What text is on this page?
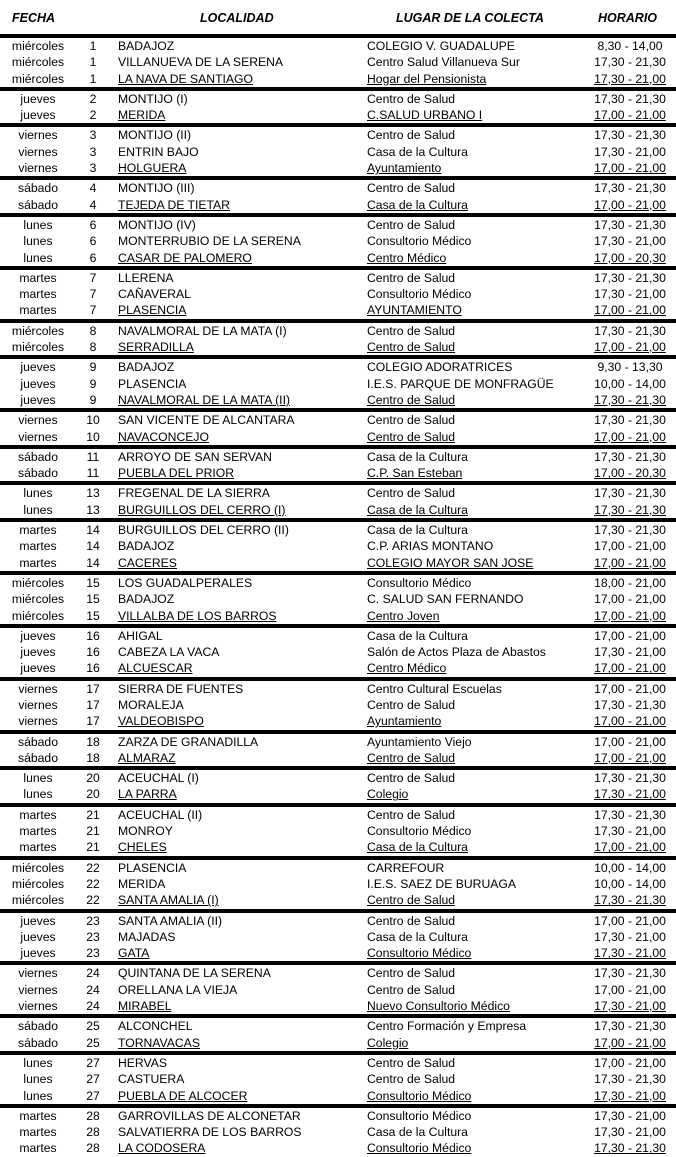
FECHA	LOCALIDAD	LUGAR DE LA COLECTA	HORARIO
miércoles	1	BADAJOZ	COLEGIO V. GUADALUPE	8,30 - 14,00
miércoles	1	VILLANUEVA DE LA SERENA	Centro Salud Villanueva Sur	17,30 - 21,30
miércoles	1	LA NAVA DE SANTIAGO	Hogar del Pensionista	17,30 - 21,00
jueves	2	MONTIJO (I)	Centro de Salud	17,30 - 21,30
jueves	2	MERIDA	C.SALUD URBANO I	17,00 - 21,00
viernes	3	MONTIJO (II)	Centro de Salud	17,30 - 21,30
viernes	3	ENTRIN BAJO	Casa de la Cultura	17,30 - 21,00
viernes	3	HOLGUERA	Ayuntamiento	17,00 - 21,00
sábado	4	MONTIJO (III)	Centro de Salud	17,30 - 21,30
sábado	4	TEJEDA DE TIETAR	Casa de la Cultura	17,00 - 21,00
lunes	6	MONTIJO (IV)	Centro de Salud	17,30 - 21,30
lunes	6	MONTERRUBIO DE LA SERENA	Consultorio Médico	17,30 - 21,00
lunes	6	CASAR DE PALOMERO	Centro Médico	17,00 - 20,30
martes	7	LLERENA	Centro de Salud	17,30 - 21,30
martes	7	CAÑAVERAL	Consultorio Médico	17,30 - 21,00
martes	7	PLASENCIA	AYUNTAMIENTO	17,00 - 21,00
miércoles	8	NAVALMORAL DE LA MATA (I)	Centro de Salud	17,30 - 21,30
miércoles	8	SERRADILLA	Centro de Salud	17,00 - 21,00
jueves	9	BADAJOZ	COLEGIO ADORATRICES	9,30 - 13,30
jueves	9	PLASENCIA	I.E.S. PARQUE DE MONFRAGÜE	10,00 - 14,00
jueves	9	NAVALMORAL DE LA MATA (II)	Centro de Salud	17,30 - 21,30
viernes	10	SAN VICENTE DE ALCANTARA	Centro de Salud	17,30 - 21,30
viernes	10	NAVACONCEJO	Centro de Salud	17,00 - 21,00
sábado	11	ARROYO DE SAN SERVAN	Casa de la Cultura	17,30 - 21,30
sábado	11	PUEBLA DEL PRIOR	C.P. San Esteban	17,00 - 20,30
lunes	13	FREGENAL DE LA SIERRA	Centro de Salud	17,30 - 21,30
lunes	13	BURGUILLOS DEL CERRO (I)	Casa de la Cultura	17,30 - 21,30
martes	14	BURGUILLOS DEL CERRO (II)	Casa de la Cultura	17,30 - 21,30
martes	14	BADAJOZ	C.P. ARIAS MONTANO	17,00 - 21,00
martes	14	CACERES	COLEGIO MAYOR SAN JOSE	17,00 - 21,00
miércoles	15	LOS GUADALPERALES	Consultorio Médico	18,00 - 21,00
miércoles	15	BADAJOZ	C. SALUD SAN FERNANDO	17,00 - 21,00
miércoles	15	VILLALBA DE LOS BARROS	Centro Joven	17,00 - 21,00
jueves	16	AHIGAL	Casa de la Cultura	17,00 - 21,00
jueves	16	CABEZA LA VACA	Salón de Actos Plaza de Abastos	17,30 - 21,00
jueves	16	ALCUESCAR	Centro Médico	17,00 - 21,00
viernes	17	SIERRA DE FUENTES	Centro Cultural Escuelas	17,00 - 21,00
viernes	17	MORALEJA	Centro de Salud	17,30 - 21,30
viernes	17	VALDEOBISPO	Ayuntamiento	17,00 - 21,00
sábado	18	ZARZA DE GRANADILLA	Ayuntamiento Viejo	17,00 - 21,00
sábado	18	ALMARAZ	Centro de Salud	17,00 - 21,00
lunes	20	ACEUCHAL (I)	Centro de Salud	17,30 - 21,30
lunes	20	LA PARRA	Colegio	17,30 - 21,00
martes	21	ACEUCHAL (II)	Centro de Salud	17,30 - 21,30
martes	21	MONROY	Consultorio Médico	17,30 - 21,00
martes	21	CHELES	Casa de la Cultura	17,00 - 21,00
miércoles	22	PLASENCIA	CARREFOUR	10,00 - 14,00
miércoles	22	MERIDA	I.E.S. SAEZ DE BURUAGA	10,00 - 14,00
miércoles	22	SANTA AMALIA (I)	Centro de Salud	17,30 - 21,30
jueves	23	SANTA AMALIA (II)	Centro de Salud	17,00 - 21,00
jueves	23	MAJADAS	Casa de la Cultura	17,30 - 21,00
jueves	23	GATA	Consultorio Médico	17,30 - 21,00
viernes	24	QUINTANA DE LA SERENA	Centro de Salud	17,30 - 21,30
viernes	24	ORELLANA LA VIEJA	Centro de Salud	17,00 - 21,00
viernes	24	MIRABEL	Nuevo Consultorio Médico	17,30 - 21,00
sábado	25	ALCONCHEL	Centro Formación y Empresa	17,30 - 21,30
sábado	25	TORNAVACAS	Colegio	17,00 - 21,00
lunes	27	HERVAS	Centro de Salud	17,00 - 21,00
lunes	27	CASTUERA	Centro de Salud	17,30 - 21,30
lunes	27	PUEBLA DE ALCOCER	Consultorio Médico	17,30 - 21,00
martes	28	GARROVILLAS DE ALCONETAR	Consultorio Médico	17,30 - 21,00
martes	28	SALVATIERRA DE LOS BARROS	Casa de la Cultura	17,30 - 21,00
martes	28	LA CODOSERA	Consultorio Médico	17,30 - 21,30
